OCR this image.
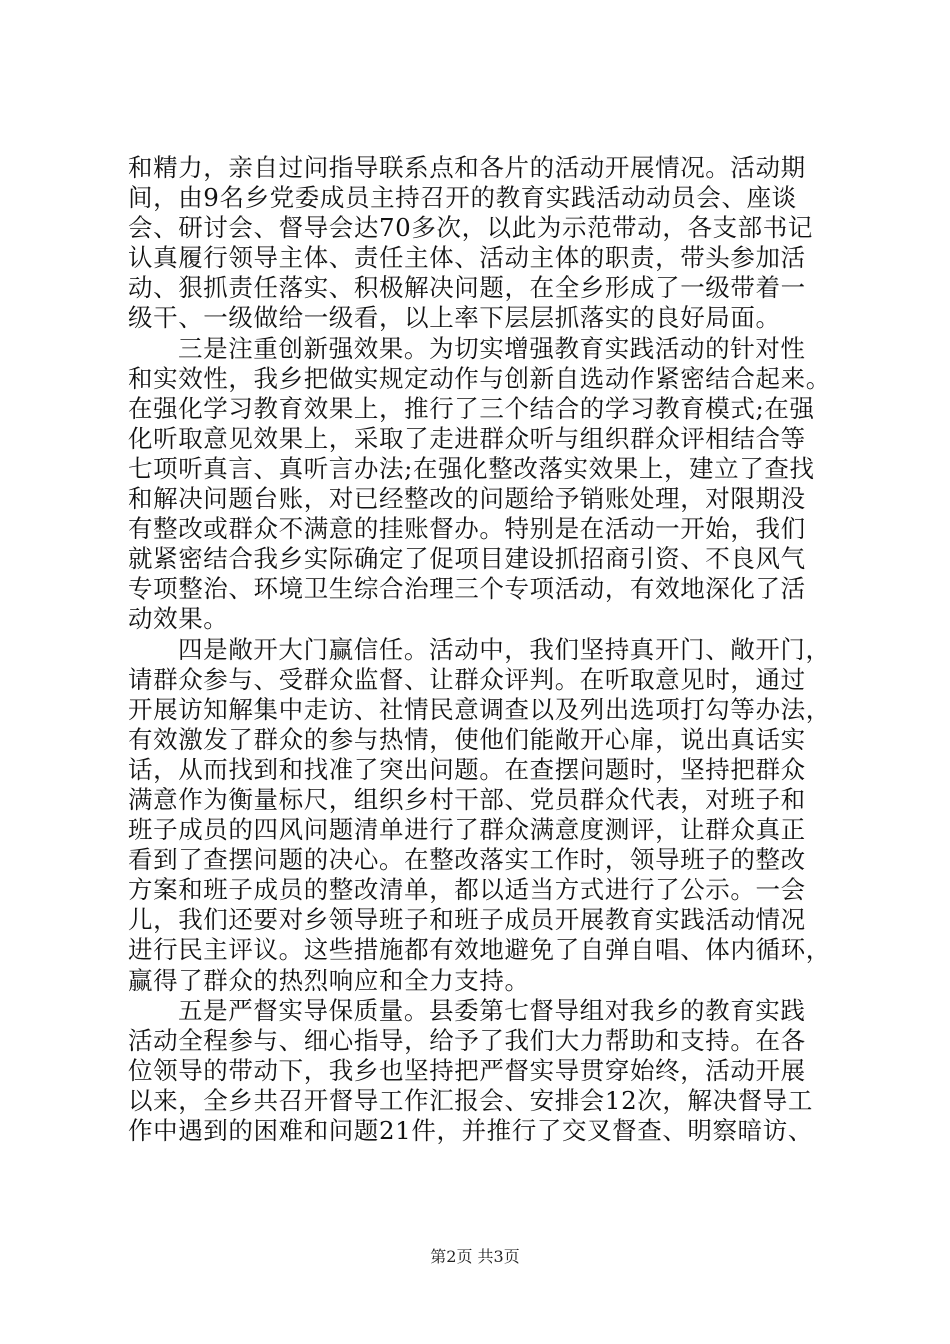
和精力，亲自过问指导联系点和各片的活动开展情况。活动期
间，由9名乡党委成员主持召开的教育实践活动动员会、座谈
会、研讨会、督导会达70多次，以此为示范带动，各支部书记
认真履行领导主体、责任主体、活动主体的职责，带头参加活
动、狠抓责任落实、积极解决问题，在全乡形成了一级带着一
级干、一级做给一级看，以上率下层层抓落实的良好局面。
三是注重创新强效果。为切实增强教育实践活动的针对性
和实效性，我乡把做实规定动作与创新自选动作紧密结合起来。
在强化学习教育效果上，推行了三个结合的学习教育模式;在强
化听取意见效果上，采取了走进群众听与组织群众评相结合等
七项听真言、真听言办法;在强化整改落实效果上，建立了查找
和解决问题台账，对已经整改的问题给予销账处理，对限期没
有整改或群众不满意的挂账督办。特别是在活动一开始，我们
就紧密结合我乡实际确定了促项目建设抓招商引资、不良风气
专项整治、环境卫生综合治理三个专项活动，有效地深化了活
动效果。
四是敞开大门赢信任。活动中，我们坚持真开门、敞开门，
请群众参与、受群众监督、让群众评判。在听取意见时，通过
开展访知解集中走访、社情民意调查以及列出选项打勾等办法，
有效激发了群众的参与热情，使他们能敞开心扉，说出真话实
话，从而找到和找准了突出问题。在查摆问题时，坚持把群众
满意作为衡量标尺，组织乡村干部、党员群众代表，对班子和
班子成员的四风问题清单进行了群众满意度测评，让群众真正
看到了查摆问题的决心。在整改落实工作时，领导班子的整改
方案和班子成员的整改清单，都以适当方式进行了公示。一会
儿，我们还要对乡领导班子和班子成员开展教育实践活动情况
进行民主评议。这些措施都有效地避免了自弹自唱、体内循环，
赢得了群众的热烈响应和全力支持。
五是严督实导保质量。县委第七督导组对我乡的教育实践
活动全程参与、细心指导，给予了我们大力帮助和支持。在各
位领导的带动下，我乡也坚持把严督实导贯穿始终，活动开展
以来，全乡共召开督导工作汇报会、安排会12次，解决督导工
作中遇到的困难和问题21件，并推行了交叉督查、明察暗访、
第2页 共3页
